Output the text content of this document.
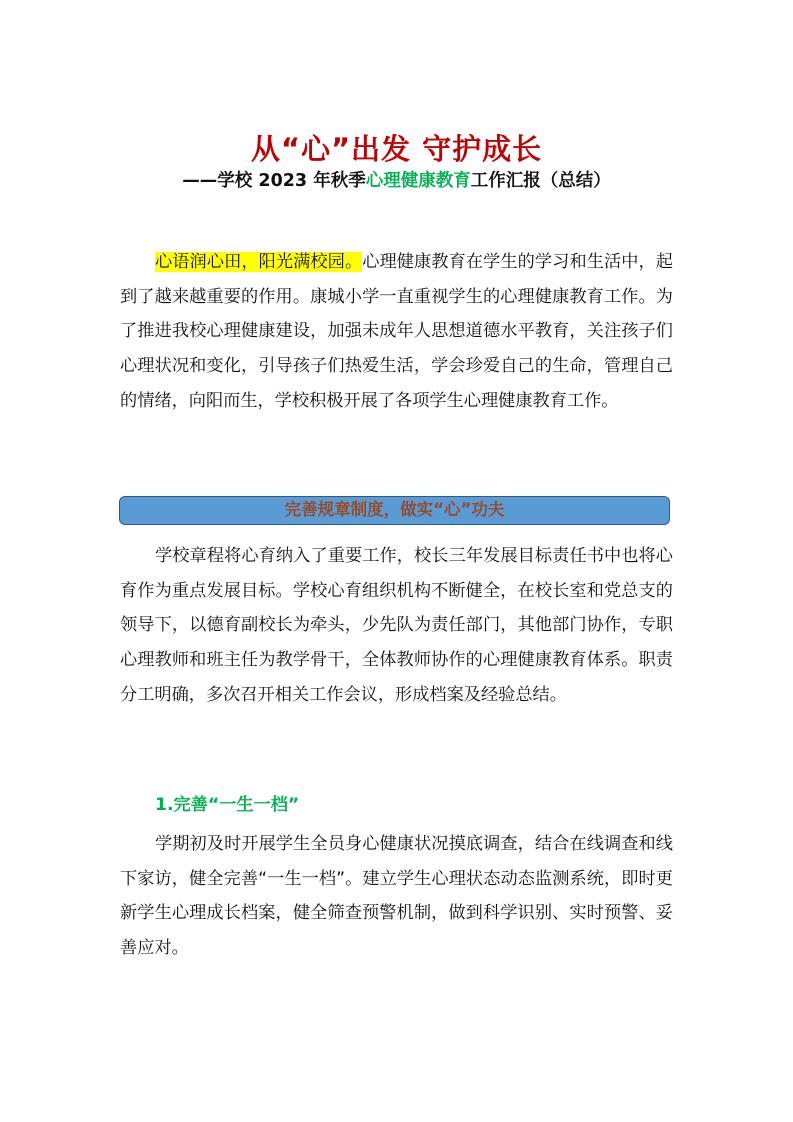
从“心”出发 守护成长
——学校 2023 年秋季心理健康教育工作汇报（总结）

心语润心田，阳光满校园。心理健康教育在学生的学习和生活中，起到了越来越重要的作用。康城小学一直重视学生的心理健康教育工作。为了推进我校心理健康建设，加强未成年人思想道德水平教育，关注孩子们心理状况和变化，引导孩子们热爱生活，学会珍爱自己的生命，管理自己的情绪，向阳而生，学校积极开展了各项学生心理健康教育工作。

完善规章制度，做实“心”功夫

学校章程将心育纳入了重要工作，校长三年发展目标责任书中也将心育作为重点发展目标。学校心育组织机构不断健全，在校长室和党总支的领导下，以德育副校长为牵头，少先队为责任部门，其他部门协作，专职心理教师和班主任为教学骨干，全体教师协作的心理健康教育体系。职责分工明确，多次召开相关工作会议，形成档案及经验总结。

1.完善“一生一档”

学期初及时开展学生全员身心健康状况摸底调查，结合在线调查和线下家访，健全完善“一生一档”。建立学生心理状态动态监测系统，即时更新学生心理成长档案，健全筛查预警机制，做到科学识别、实时预警、妥善应对。
